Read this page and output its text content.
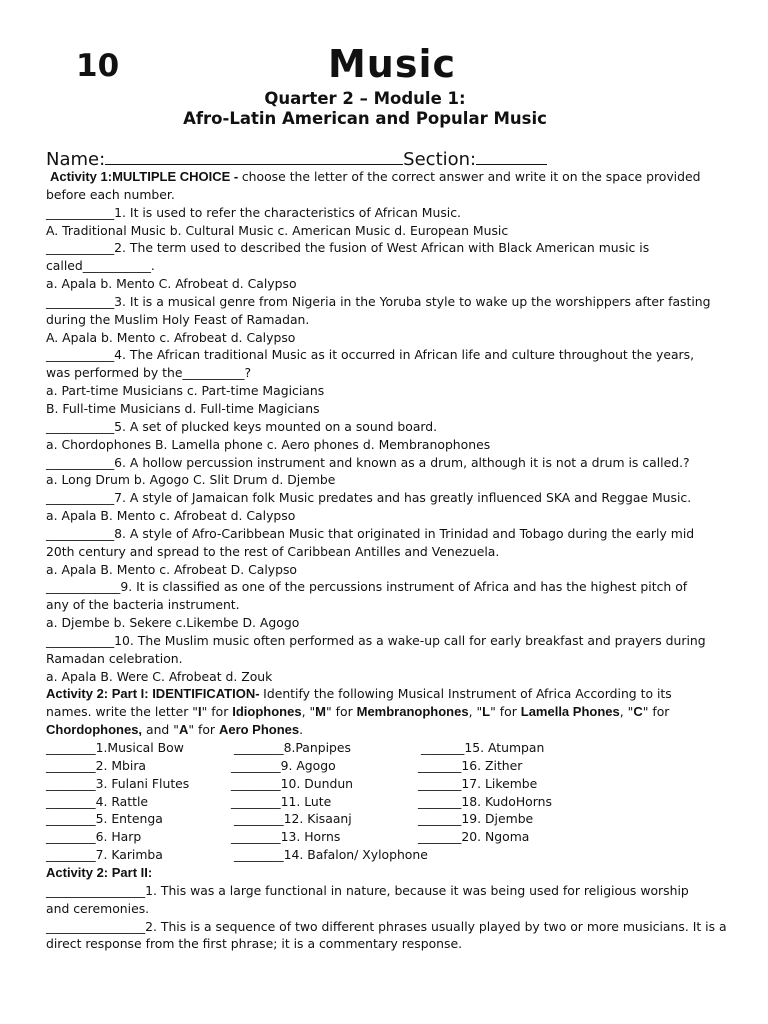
10	Music
Quarter 2 – Module 1:
Afro-Latin American and Popular Music
Name:	Section:

Activity 1:MULTIPLE CHOICE - choose the letter of the correct answer and write it on the space provided before each number.

___________1. It is used to refer the characteristics of African Music.

A. Traditional Music b. Cultural Music c. American Music d. European Music

___________2. The term used to described the fusion of West African with Black American music is called___________.

a. Apala b. Mento C. Afrobeat d. Calypso

___________3. It is a musical genre from Nigeria in the Yoruba style to wake up the worshippers after fasting during the Muslim Holy Feast of Ramadan.

A. Apala b. Mento c. Afrobeat d. Calypso

___________4. The African traditional Music as it occurred in African life and culture throughout the years, was performed by the__________?

a. Part-time Musicians c. Part-time Magicians

B. Full-time Musicians d. Full-time Magicians

___________5. A set of plucked keys mounted on a sound board.

a. Chordophones B. Lamella phone c. Aero phones d. Membranophones

___________6. A hollow percussion instrument and known as a drum, although it is not a drum is called.?

a. Long Drum b. Agogo C. Slit Drum d. Djembe

___________7. A style of Jamaican folk Music predates and has greatly influenced SKA and Reggae Music.

a. Apala B. Mento c. Afrobeat d. Calypso

___________8. A style of Afro-Caribbean Music that originated in Trinidad and Tobago during the early mid 20th century and spread to the rest of Caribbean Antilles and Venezuela.

a. Apala B. Mento c. Afrobeat D. Calypso

____________9. It is classified as one of the percussions instrument of Africa and has the highest pitch of any of the bacteria instrument.

a. Djembe b. Sekere c.Likembe D. Agogo

___________10. The Muslim music often performed as a wake-up call for early breakfast and prayers during Ramadan celebration.

a. Apala B. Were C. Afrobeat d. Zouk

Activity 2: Part I: IDENTIFICATION- Identify the following Musical Instrument of Africa According to its names. write the letter "I" for Idiophones, "M" for Membranophones, "L" for Lamella Phones, "C" for Chordophones, and "A" for Aero Phones.

________1.Musical Bow
________2. Mbira
________3. Fulani Flutes
________4. Rattle
________5. Entenga
________6. Harp
________7. Karimba
________8.Panpipes
________9. Agogo
________10. Dundun
________11. Lute
________12. Kisaanj
________13. Horns
________14. Bafalon/ Xylophone
_______15. Atumpan
_______16. Zither
_______17. Likembe
_______18. KudoHorns
_______19. Djembe
_______20. Ngoma

Activity 2: Part II:

________________1. This was a large functional in nature, because it was being used for religious worship and ceremonies.

________________2. This is a sequence of two different phrases usually played by two or more musicians. It is a direct response from the first phrase; it is a commentary response.
